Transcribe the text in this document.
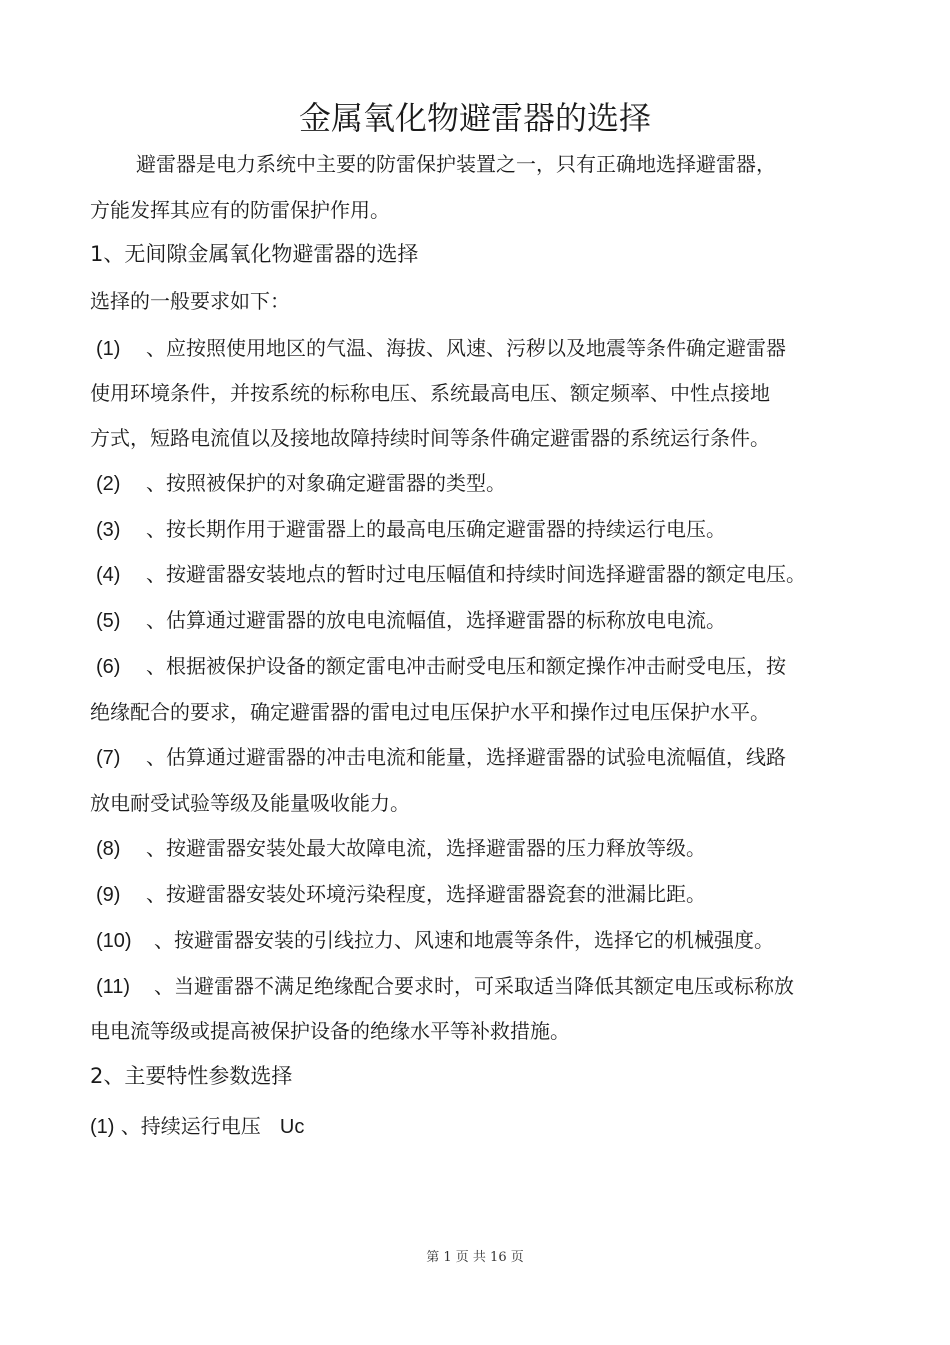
金属氧化物避雷器的选择
避雷器是电力系统中主要的防雷保护装置之一，只有正确地选择避雷器，
方能发挥其应有的防雷保护作用。
1、无间隙金属氧化物避雷器的选择
选择的一般要求如下：
(1) 、应按照使用地区的气温、海拔、风速、污秽以及地震等条件确定避雷器
使用环境条件，并按系统的标称电压、系统最高电压、额定频率、中性点接地
方式，短路电流值以及接地故障持续时间等条件确定避雷器的系统运行条件。
(2) 、按照被保护的对象确定避雷器的类型。
(3) 、按长期作用于避雷器上的最高电压确定避雷器的持续运行电压。
(4) 、按避雷器安装地点的暂时过电压幅值和持续时间选择避雷器的额定电压。
(5) 、估算通过避雷器的放电电流幅值，选择避雷器的标称放电电流。
(6) 、根据被保护设备的额定雷电冲击耐受电压和额定操作冲击耐受电压，按
绝缘配合的要求，确定避雷器的雷电过电压保护水平和操作过电压保护水平。
(7) 、估算通过避雷器的冲击电流和能量，选择避雷器的试验电流幅值，线路
放电耐受试验等级及能量吸收能力。
(8) 、按避雷器安装处最大故障电流，选择避雷器的压力释放等级。
(9) 、按避雷器安装处环境污染程度，选择避雷器瓷套的泄漏比距。
(10) 、按避雷器安装的引线拉力、风速和地震等条件，选择它的机械强度。
(11) 、当避雷器不满足绝缘配合要求时，可采取适当降低其额定电压或标称放
电电流等级或提高被保护设备的绝缘水平等补救措施。
2、主要特性参数选择
(1) 、持续运行电压 Uc
第 1 页 共 16 页
